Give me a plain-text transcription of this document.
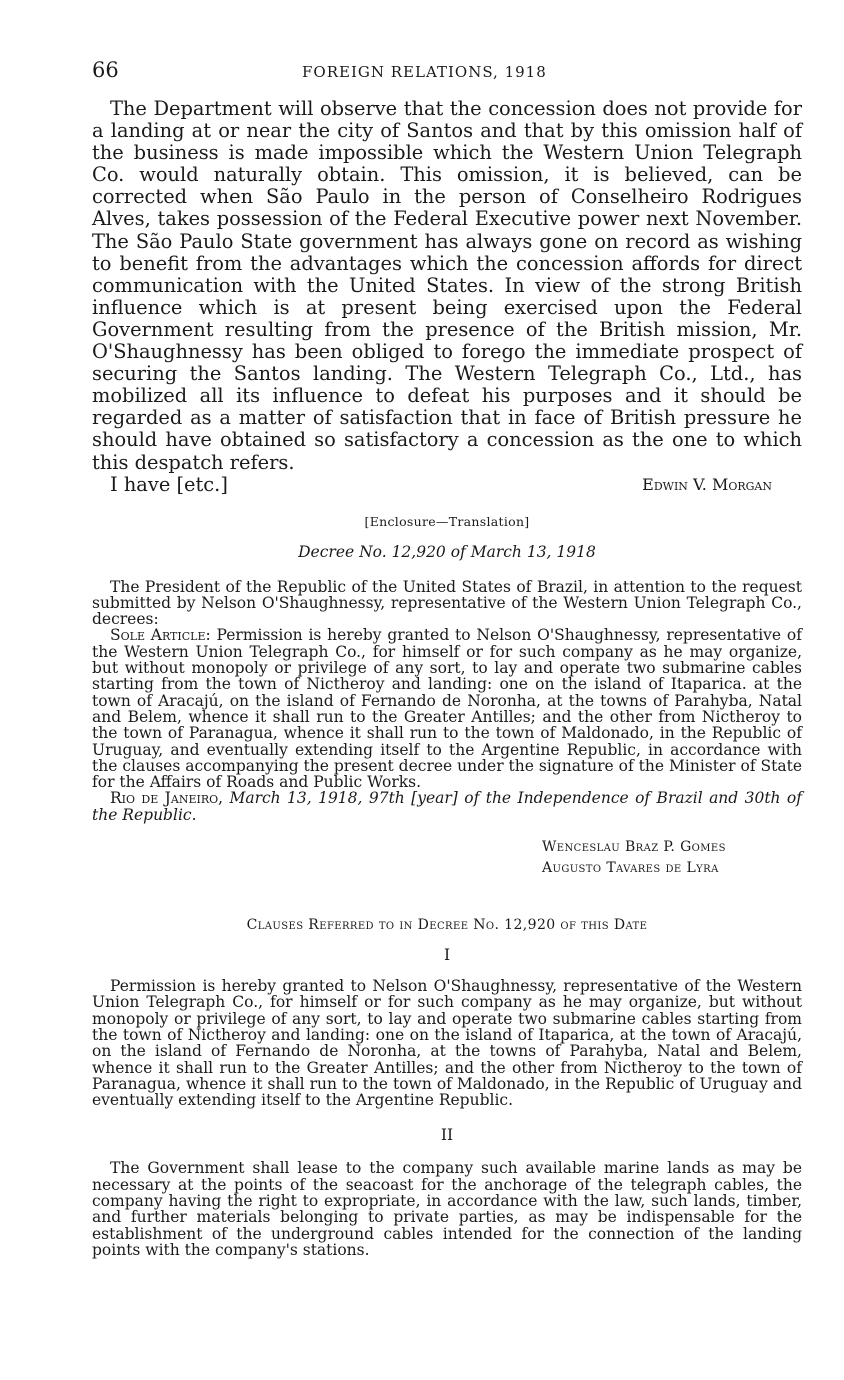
66	FOREIGN RELATIONS, 1918

The Department will observe that the concession does not provide for a landing at or near the city of Santos and that by this omission half of the business is made impossible which the Western Union Telegraph Co. would naturally obtain. This omission, it is believed, can be corrected when São Paulo in the person of Conselheiro Rodrigues Alves, takes possession of the Federal Executive power next November. The São Paulo State government has always gone on record as wishing to benefit from the advantages which the concession affords for direct communication with the United States. In view of the strong British influence which is at present being exercised upon the Federal Government resulting from the presence of the British mission, Mr. O'Shaughnessy has been obliged to forego the immediate prospect of securing the Santos landing. The Western Telegraph Co., Ltd., has mobilized all its influence to defeat his purposes and it should be regarded as a matter of satisfaction that in face of British pressure he should have obtained so satisfactory a concession as the one to which this despatch refers.

I have [etc.]	Edwin V. Morgan
[Enclosure—Translation]
Decree No. 12,920 of March 13, 1918

The President of the Republic of the United States of Brazil, in attention to the request submitted by Nelson O'Shaughnessy, representative of the Western Union Telegraph Co., decrees:

Sole Article: Permission is hereby granted to Nelson O'Shaughnessy, representative of the Western Union Telegraph Co., for himself or for such company as he may organize, but without monopoly or privilege of any sort, to lay and operate two submarine cables starting from the town of Nictheroy and landing: one on the island of Itaparica. at the town of Aracajú, on the island of Fernando de Noronha, at the towns of Parahyba, Natal and Belem, whence it shall run to the Greater Antilles; and the other from Nictheroy to the town of Paranagua, whence it shall run to the town of Maldonado, in the Republic of Uruguay, and eventually extending itself to the Argentine Republic, in accordance with the clauses accompanying the present decree under the signature of the Minister of State for the Affairs of Roads and Public Works.

Rio de Janeiro, March 13, 1918, 97th [year] of the Independence of Brazil and 30th of the Republic.

Wenceslau Braz P. Gomes
Augusto Tavares de Lyra
Clauses Referred to in Decree No. 12,920 of this Date
I

Permission is hereby granted to Nelson O'Shaughnessy, representative of the Western Union Telegraph Co., for himself or for such company as he may organize, but without monopoly or privilege of any sort, to lay and operate two submarine cables starting from the town of Nictheroy and landing: one on the island of Itaparica, at the town of Aracajú, on the island of Fernando de Noronha, at the towns of Parahyba, Natal and Belem, whence it shall run to the Greater Antilles; and the other from Nictheroy to the town of Paranagua, whence it shall run to the town of Maldonado, in the Republic of Uruguay and eventually extending itself to the Argentine Republic.

II

The Government shall lease to the company such available marine lands as may be necessary at the points of the seacoast for the anchorage of the telegraph cables, the company having the right to expropriate, in accordance with the law, such lands, timber, and further materials belonging to private parties, as may be indispensable for the establishment of the underground cables intended for the connection of the landing points with the company's stations.
